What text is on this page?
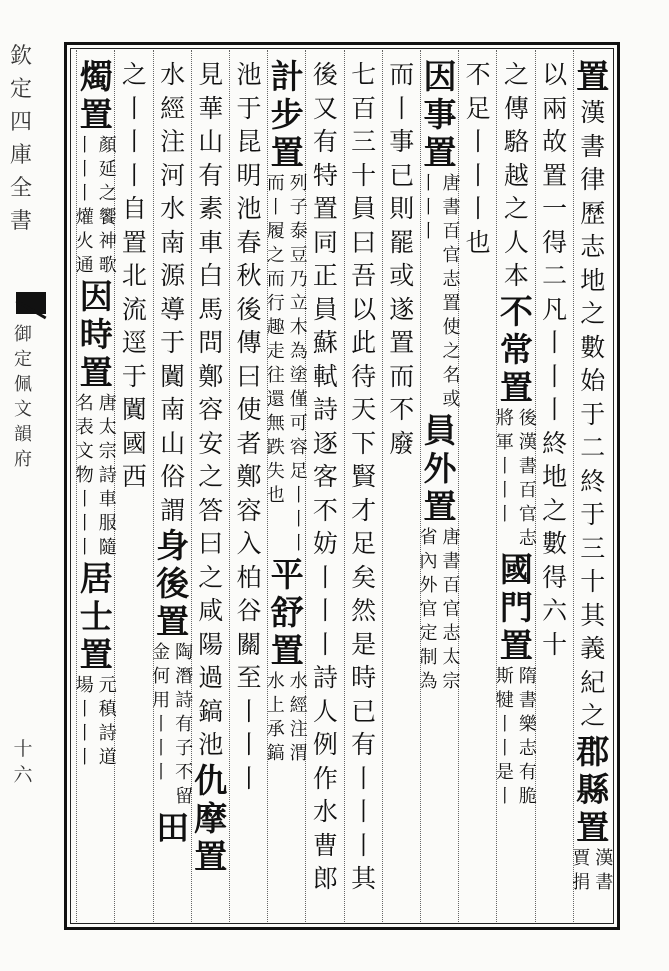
欽定四庫全書
御定佩文韻府
十六
置
漢書律歷志地之數始于二終于三十其義紀之
郡縣置
漢書
賈捐
以兩故置一得二凡丨丨丨終地之數得六十
之傳駱越之人本
不常置
後漢書百官志
將軍丨丨丨
國門置
隋書樂志有脆
斯犍丨丨是丨
不足丨丨丨也
因事置
唐書百官志置使之名或
丨丨丨
員外置
唐書百官志太宗
省內外官定制為
而丨事已則罷或遂置而不廢
七百三十員曰吾以此待天下賢才足矣然是時已有丨丨丨其
後又有特置同正員蘇軾詩逐客不妨丨丨丨詩人例作水曹郎
計步置
列子泰豆乃立木為塗僅可容足丨丨丨
而丨履之而行趣走往還無跌失也
平舒置
水經注渭
水上承鎬
池于昆明池春秋後傳曰使者鄭容入柏谷關至丨丨丨
見華山有素車白馬問鄭容安之答曰之咸陽過鎬池
仇摩置
水經注河水南源導于闐南山俗謂
身後置
陶潛詩有子不留
金何用丨丨丨
田
之丨丨丨自置北流逕于闐國西
燭置
顏延之饗神歌
丨丨丨爟火通
因時置
唐太宗詩車服隨
名表文物丨丨丨
居士置
元稹詩道
場丨丨丨
